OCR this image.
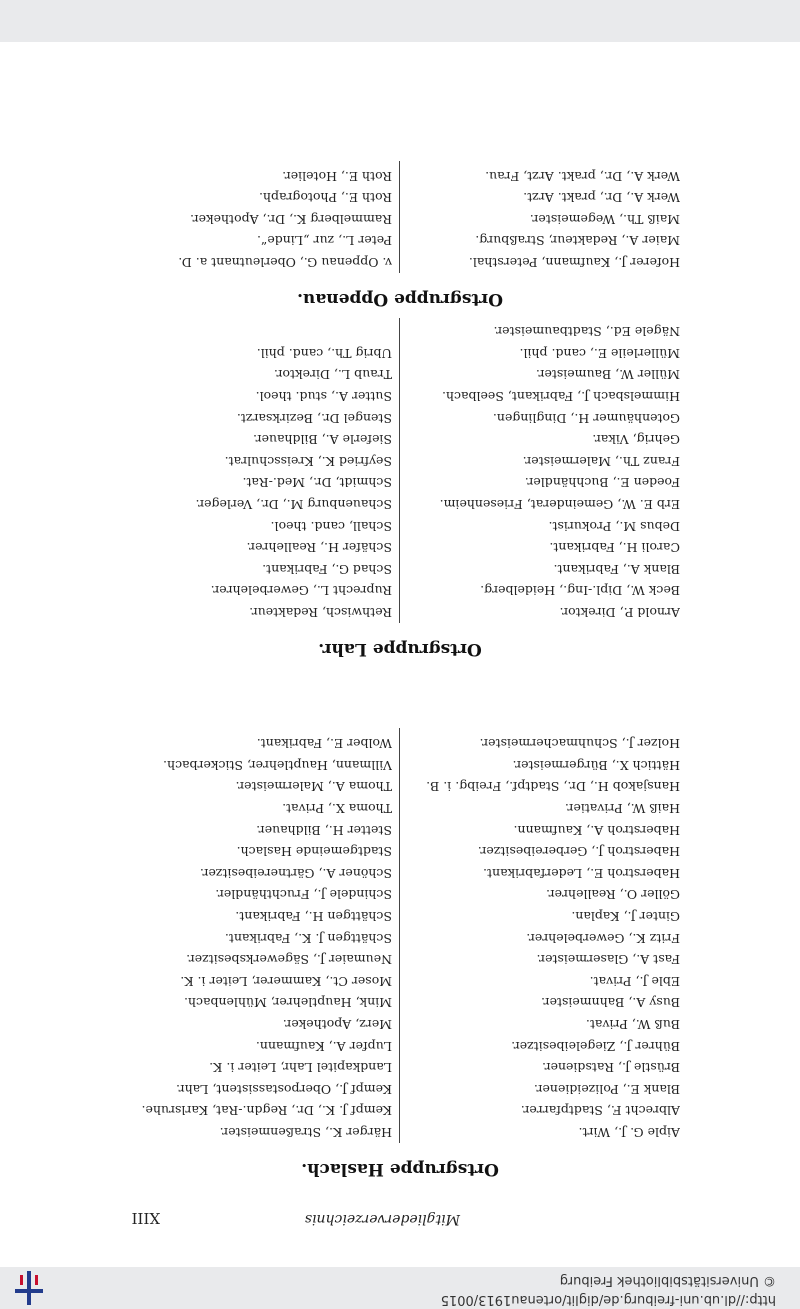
http://dl.ub.uni-freiburg.de/diglit/ortenau1913/0015
© Universitätsbibliothek Freiburg
Mitgliederverzeichnis
XIII
Ortsgruppe Haslach.
Aiple G. J., Wirt.
Albrecht F., Stadtpfarrer.
Blank E., Polizeidiener.
Brüstle J., Ratsdiener.
Bührer J., Ziegeleibesitzer.
Buß W., Privat.
Busy A., Bahnmeister.
Eble J., Privat.
Fast A., Glasermeister.
Fritz K., Gewerbelehrer.
Ginter J., Kaplan.
Göller O., Reallehrer.
Haberstroh E., Lederfabrikant.
Haberstroh J., Gerbereibesitzer.
Haberstroh A., Kaufmann.
Haiß W., Privatier.
Hansjakob H., Dr., Stadtpf., Freibg. i. B.
Hättich X., Bürgermeister.
Holzer J., Schuhmachermeister.
Härger K., Straßenmeister.
Kempf J. K., Dr., Regdn.-Rat, Karlsruhe.
Kempf J., Oberpostassistent, Lahr.
Landkapitel Lahr, Leiter i. K.
Lupfer A., Kaufmann.
Merz, Apotheker.
Mink, Hauptlehrer, Mühlenbach.
Moser Ct., Kammerer, Leiter i. K.
Neumaier J., Sägewerksbesitzer.
Schättgen J. K., Fabrikant.
Schättgen H., Fabrikant.
Schindele J., Fruchthändler.
Schöner A., Gärtnereibesitzer.
Stadtgemeinde Haslach.
Stetter H., Bildhauer.
Thoma X., Privat.
Thoma A., Malermeister.
Villmann, Hauptlehrer, Stickerbach.
Wolber E., Fabrikant.
Ortsgruppe Lahr.
Arnold P., Direktor.
Beck W., Dipl.-Ing., Heidelberg.
Blank A., Fabrikant.
Caroli H., Fabrikant.
Debus M., Prokurist.
Erb E. W., Gemeinderat, Friesenheim.
Foeden E., Buchhändler.
Franz Th., Malermeister.
Gehrig, Vikar.
Gotenhäumer H., Dinglingen.
Himmelsbach J., Fabrikant, Seelbach.
Müller W., Baumeister.
Müllerleile E., cand. phil.
Nägele Ed., Stadtbaumeister.
Rethwisch, Redakteur.
Ruprecht L., Gewerbelehrer.
Schad G., Fabrikant.
Schäfer H., Reallehrer.
Schall, cand. theol.
Schauenburg M., Dr., Verleger.
Schmidt, Dr., Med.-Rat.
Seyfried K., Kreisschulrat.
Sieferle A., Bildhauer.
Stengel Dr., Bezirksarzt.
Sutter A., stud. theol.
Traub L., Direktor.
Ubrig Th., cand. phil.
Ortsgruppe Oppenau.
Hoferer J., Kaufmann, Petersthal.
Maier A., Redakteur, Straßburg.
Maiß Th., Wegemeister.
Werk A., Dr., prakt. Arzt.
Werk A., Dr., prakt. Arzt, Frau.
v. Oppenau G., Oberleutnant a. D.
Peter L., zur „Linde“.
Rammelberg K., Dr., Apotheker.
Roth E., Photograph.
Roth E., Hotelier.
